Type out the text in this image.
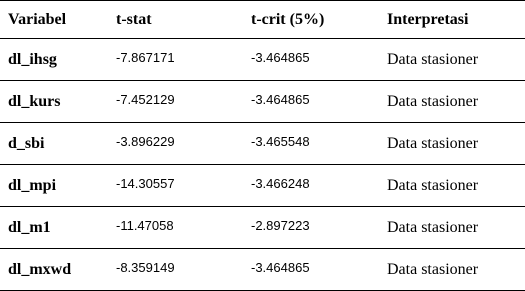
Variabel	t-stat	t-crit (5%)	Interpretasi
dl_ihsg	-7.867171	-3.464865	Data stasioner
dl_kurs	-7.452129	-3.464865	Data stasioner
d_sbi	-3.896229	-3.465548	Data stasioner
dl_mpi	-14.30557	-3.466248	Data stasioner
dl_m1	-11.47058	-2.897223	Data stasioner
dl_mxwd	-8.359149	-3.464865	Data stasioner
